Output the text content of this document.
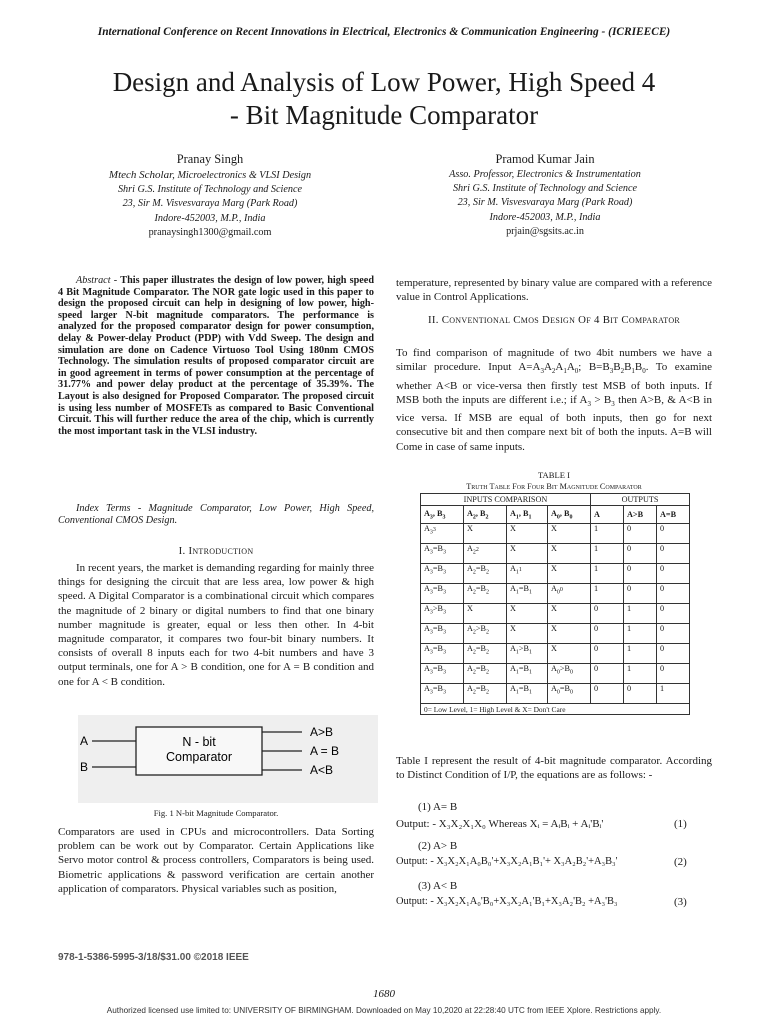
International Conference on Recent Innovations in Electrical, Electronics & Communication Engineering - (ICRIEECE)
Design and Analysis of Low Power, High Speed 4
- Bit Magnitude Comparator
Pranay Singh
Mtech Scholar, Microelectronics & VLSI Design
Shri G.S. Institute of Technology and Science
23, Sir M. Visvesvaraya Marg (Park Road)
Indore-452003, M.P., India
pranaysingh1300@gmail.com
Pramod Kumar Jain
Asso. Professor, Electronics & Instrumentation
Shri G.S. Institute of Technology and Science
23, Sir M. Visvesvaraya Marg (Park Road)
Indore-452003, M.P., India
prjain@sgsits.ac.in
Abstract - This paper illustrates the design of low power, high speed 4 Bit Magnitude Comparator. The NOR gate logic used in this paper to design the proposed circuit can help in designing of low power, high-speed larger N-bit magnitude comparators. The performance is analyzed for the proposed comparator design for power consumption, delay & Power-delay Product (PDP) with Vdd Sweep. The design and simulation are done on Cadence Virtuoso Tool Using 180nm CMOS Technology. The simulation results of proposed comparator circuit are in good agreement in terms of power consumption at the percentage of 31.77% and power delay product at the percentage of 35.39%. The Layout is also designed for Proposed Comparator. The proposed circuit is using less number of MOSFETs as compared to Basic Conventional Circuit. This will further reduce the area of the chip, which is currently the most important task in the VLSI industry.
Index Terms - Magnitude Comparator, Low Power, High Speed, Conventional CMOS Design.
I. Introduction
In recent years, the market is demanding regarding for mainly three things for designing the circuit that are less area, low power & high speed. A Digital Comparator is a combinational circuit which compares the magnitude of 2 binary or digital numbers to find that one binary number magnitude is greater, equal or less then other. In 4-bit magnitude comparator, it compares two four-bit binary numbers. It consists of overall 8 inputs each for two 4-bit numbers and have 3 output terminals, one for A > B condition, one for A = B condition and one for A < B condition.
A
B
N - bit
Comparator
A>B
A = B
A<B
Fig. 1 N-bit Magnitude Comparator.
Comparators are used in CPUs and microcontrollers. Data Sorting problem can be work out by Comparator. Certain Applications like Servo motor control & process controllers, Comparators is being used. Biometric applications & password verification are certain another application of comparators. Physical variables such as position,
temperature, represented by binary value are compared with a reference value in Control Applications.
II. Conventional Cmos Design Of 4 Bit Comparator
To find comparison of magnitude of two 4bit numbers we have a similar procedure. Input $A=A_3A_2A_1A_0$; $B=B_3B_2B_1B_0$. To examine whether A<B or vice-versa then firstly test MSB of both inputs. If MSB both the inputs are different i.e.; if $A_3 > B_3$ then A>B, & A<B in vice versa. If MSB are equal of both inputs, then go for next consecutive bit and then compare next bit of both the inputs. A=B will Come in case of same inputs.
TABLE I
Truth Table For Four Bit Magnitude Comparator
INPUTS COMPARISON				OUTPUTS		
$A_3$, $B_3$	$A_2$, $B_2$	$A_1$, $B_1$	$A_0$, $B_0$	A	A>B	A=B
$A_33$	X	X	X	1	0	0
$A_3=B_3$	$A_22$	X	X	1	0	0
$A_3=B_3$	$A_2=B_2$	$A_11$	X	1	0	0
$A_3=B_3$	$A_2=B_2$	$A_1=B_1$	$A_00$	1	0	0
$A_3>B_3$	X	X	X	0	1	0
$A_3=B_3$	$A_2>B_2$	X	X	0	1	0
$A_3=B_3$	$A_2=B_2$	$A_1>B_1$	X	0	1	0
$A_3=B_3$	$A_2=B_2$	$A_1=B_1$	$A_0>B_0$	0	1	0
$A_3=B_3$	$A_2=B_2$	$A_1=B_1$	$A_0=B_0$	0	0	1
0= Low Level, 1= High Level & X= Don't Care						
Table I represent the result of 4-bit magnitude comparator. According to Distinct Condition of I/P, the equations are as follows: -
(1) A= B
Output: - X₃X₂X₁X₀ Whereas Xᵢ = AᵢBᵢ + Aᵢ'Bᵢ'	(1)
(2) A> B
Output: - X₃X₂X₁A₀B₀'+X₃X₂A₁B₁'+ X₃A₂B₂'+A₃B₃'	(2)
(3) A< B
Output: - X₃X₂X₁A₀'B₀+X₃X₂A₁'B₁+X₃A₂'B₂ +A₃'B₃	(3)
978-1-5386-5995-3/18/$31.00 ©2018 IEEE
1680
Authorized licensed use limited to: UNIVERSITY OF BIRMINGHAM. Downloaded on May 10,2020 at 22:28:40 UTC from IEEE Xplore. Restrictions apply.
